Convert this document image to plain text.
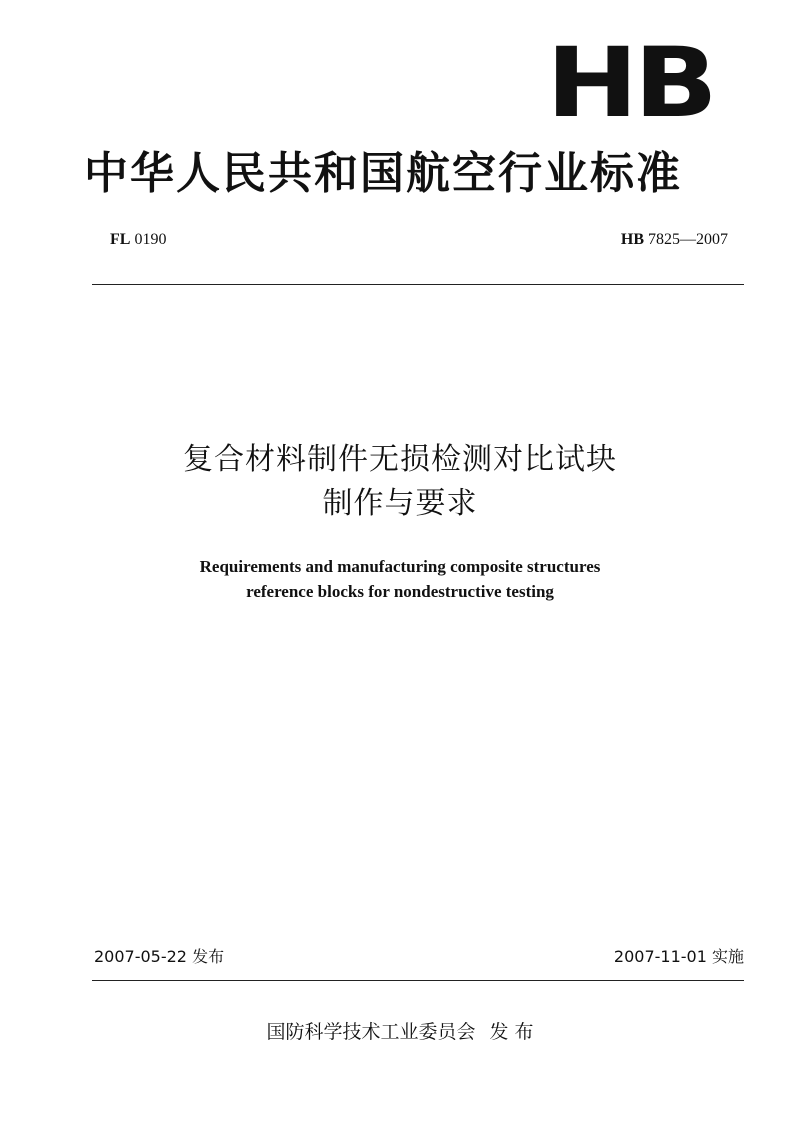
HB
中华人民共和国航空行业标准
FL 0190	HB 7825—2007
复合材料制件无损检测对比试块
制作与要求
Requirements and manufacturing composite structures
reference blocks for nondestructive testing
2007-05-22 发布	2007-11-01 实施
国防科学技术工业委员会 发 布
